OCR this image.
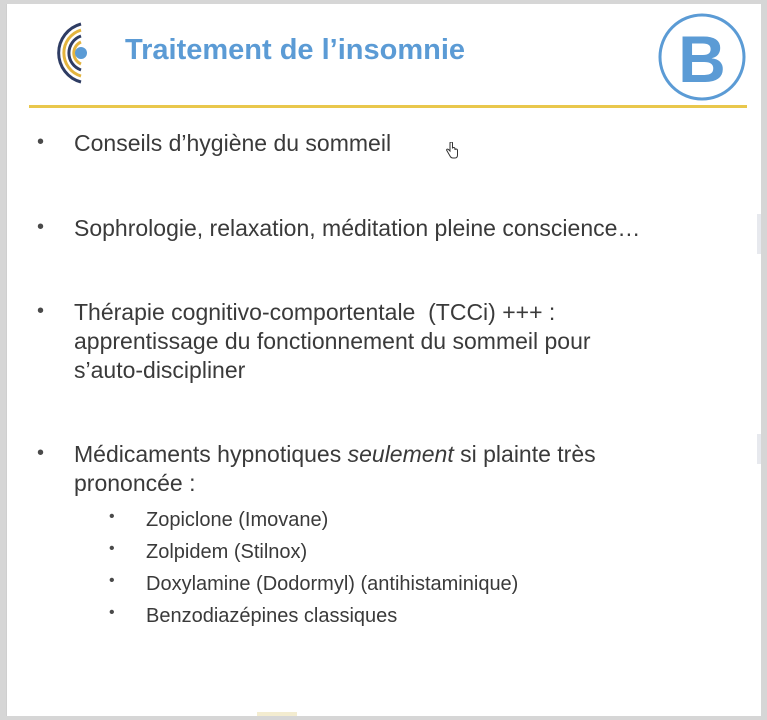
Traitement de l’insomnie	B
• Conseils d’hygiène du sommeil
• Sophrologie, relaxation, méditation pleine conscience…
• Thérapie cognitivo-comportentale  (TCCi) +++ :
apprentissage du fonctionnement du sommeil pour
s’auto-discipliner
• Médicaments hypnotiques seulement si plainte très
prononcée :
• Zopiclone (Imovane)
• Zolpidem (Stilnox)
• Doxylamine (Dodormyl) (antihistaminique)
• Benzodiazépines classiques
